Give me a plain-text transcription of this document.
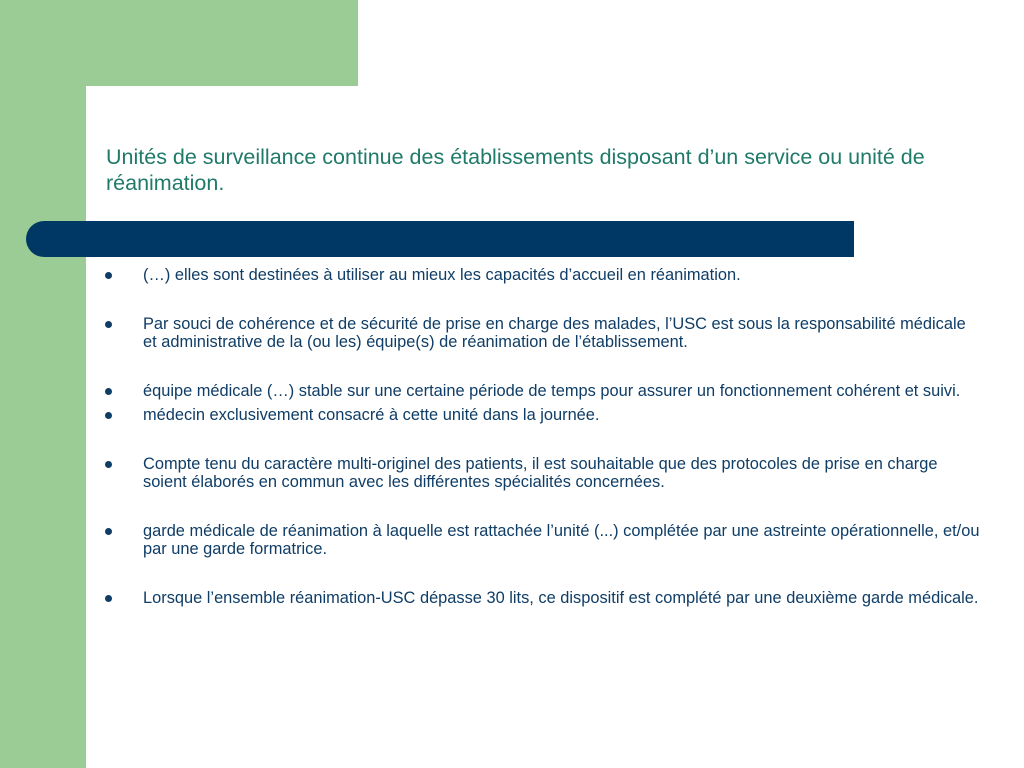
Unités de surveillance continue des établissements disposant d’un service ou unité de réanimation.
(…) elles sont destinées à utiliser au mieux les capacités d’accueil en réanimation.
Par souci de cohérence et de sécurité de prise en charge des malades, l’USC est sous la responsabilité médicale et administrative de la (ou les) équipe(s) de réanimation de l’établissement.
équipe médicale (…) stable sur une certaine période de temps pour assurer un fonctionnement cohérent et suivi.
médecin exclusivement consacré à cette unité dans la journée.
Compte tenu du caractère multi-originel des patients, il est souhaitable que des protocoles de prise en charge soient élaborés en commun avec les différentes spécialités concernées.
garde médicale de réanimation à laquelle est rattachée l’unité (...) complétée par une astreinte opérationnelle, et/ou par une garde formatrice.
Lorsque l’ensemble réanimation-USC dépasse 30 lits, ce dispositif est complété par une deuxième garde médicale.
